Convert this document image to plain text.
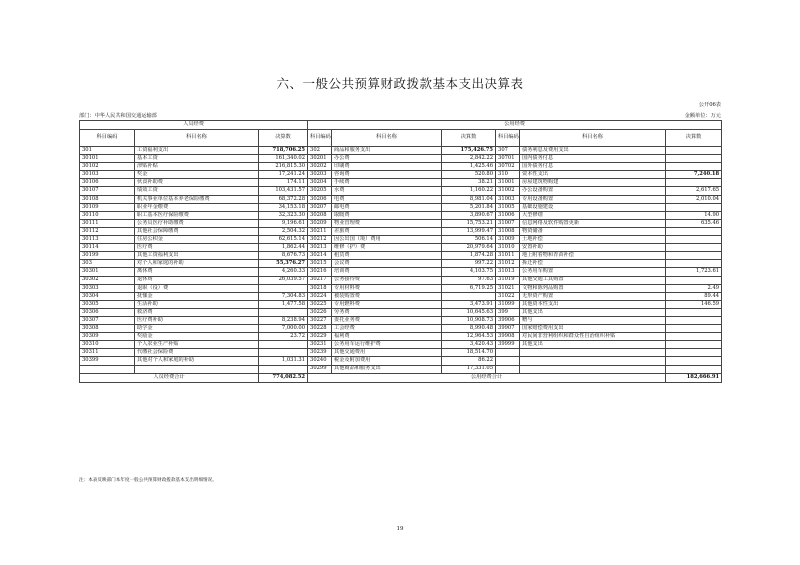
六、一般公共预算财政拨款基本支出决算表
公开06表
部门：中华人民共和国交通运输部	金额单位：万元
人员经费			公用经费					
科目编码	科目名称	决算数	科目编码	科目名称	决算数	科目编码	科目名称	决算数
301	工资福利支出	718,706.25	302	商品和服务支出	175,426.75	307	债务利息及费用支出	
30101	基本工资	161,340.02	30201	办公费	2,842.22	30701	国内债务付息	
30102	津贴补贴	216,815.30	30202	印刷费	1,425.46	30702	国外债务付息	
30103	奖金	17,241.24	30203	咨询费	520.80	310	资本性支出	7,240.18
30106	伙食补助费	174.11	30204	手续费	38.21	31001	房屋建筑物购建	
30107	绩效工资	103,431.57	30205	水费	1,160.22	31002	办公设备购置	2,617.65
30108	机关事业单位基本养老保险缴费	68,372.28	30206	电费	8,981.04	31003	专用设备购置	2,010.04
30109	职业年金缴费	34,153.18	30207	邮电费	5,201.84	31005	基础设施建设	
30110	职工基本医疗保险缴费	32,323.30	30208	取暖费	3,890.67	31006	大型修缮	14.90
30111	公务员医疗补助缴费	9,196.61	30209	物业管理费	15,753.21	31007	信息网络及软件购置更新	635.46
30112	其他社会保障缴费	2,504.32	30211	差旅费	13,999.47	31008	物资储备	
30113	住房公积金	62,615.14	30212	因公出国（境）费用	506.14	31009	土地补偿	
30114	医疗费	1,862.44	30213	维修（护）费	20,979.64	31010	安置补助	
30199	其他工资福利支出	8,676.73	30214	租赁费	1,874.28	31011	地上附着物和青苗补偿	
303	对个人和家庭的补助	55,376.27	30215	会议费	997.22	31012	拆迁补偿	
30301	离休费	4,260.33	30216	培训费	4,103.75	31013	公务用车购置	1,723.61
30302	退休费	26,039.57	30217	公务接待费	97.63	31019	其他交通工具购置	
30303	退职（役）费		30218	专用材料费	6,719.25	31021	文物和陈列品购置	2.49
30304	抚恤金	7,304.83	30224	被装购置费		31022	无形资产购置	89.44
30305	生活补助	1,477.58	30225	专用燃料费	3,473.91	31099	其他资本性支出	146.59
30306	救济费		30226	劳务费	10,645.63	399	其他支出	
30307	医疗费补助	8,238.94	30227	委托业务费	10,908.73	39906	赠与	
30308	助学金	7,000.00	30228	工会经费	8,990.48	39907	国家赔偿费用支出	
30309	奖励金	23.72	30229	福利费	12,964.53	39908	对民间非营利组织和群众性自治组织补贴	
30310	个人农业生产补贴		30231	公务用车运行维护费	3,420.43	39999	其他支出	
30311	代缴社会保险费		30239	其他交通费用	18,514.70			
30399	其他对个人和家庭的补助	1,031.31	30240	税金及附加费用	86.22			
			30299	其他商品和服务支出	17,331.05			
人员经费合计		774,082.52	公用经费合计					182,666.91
注：本表反映部门本年度一般公共预算财政拨款基本支出明细情况。
19
